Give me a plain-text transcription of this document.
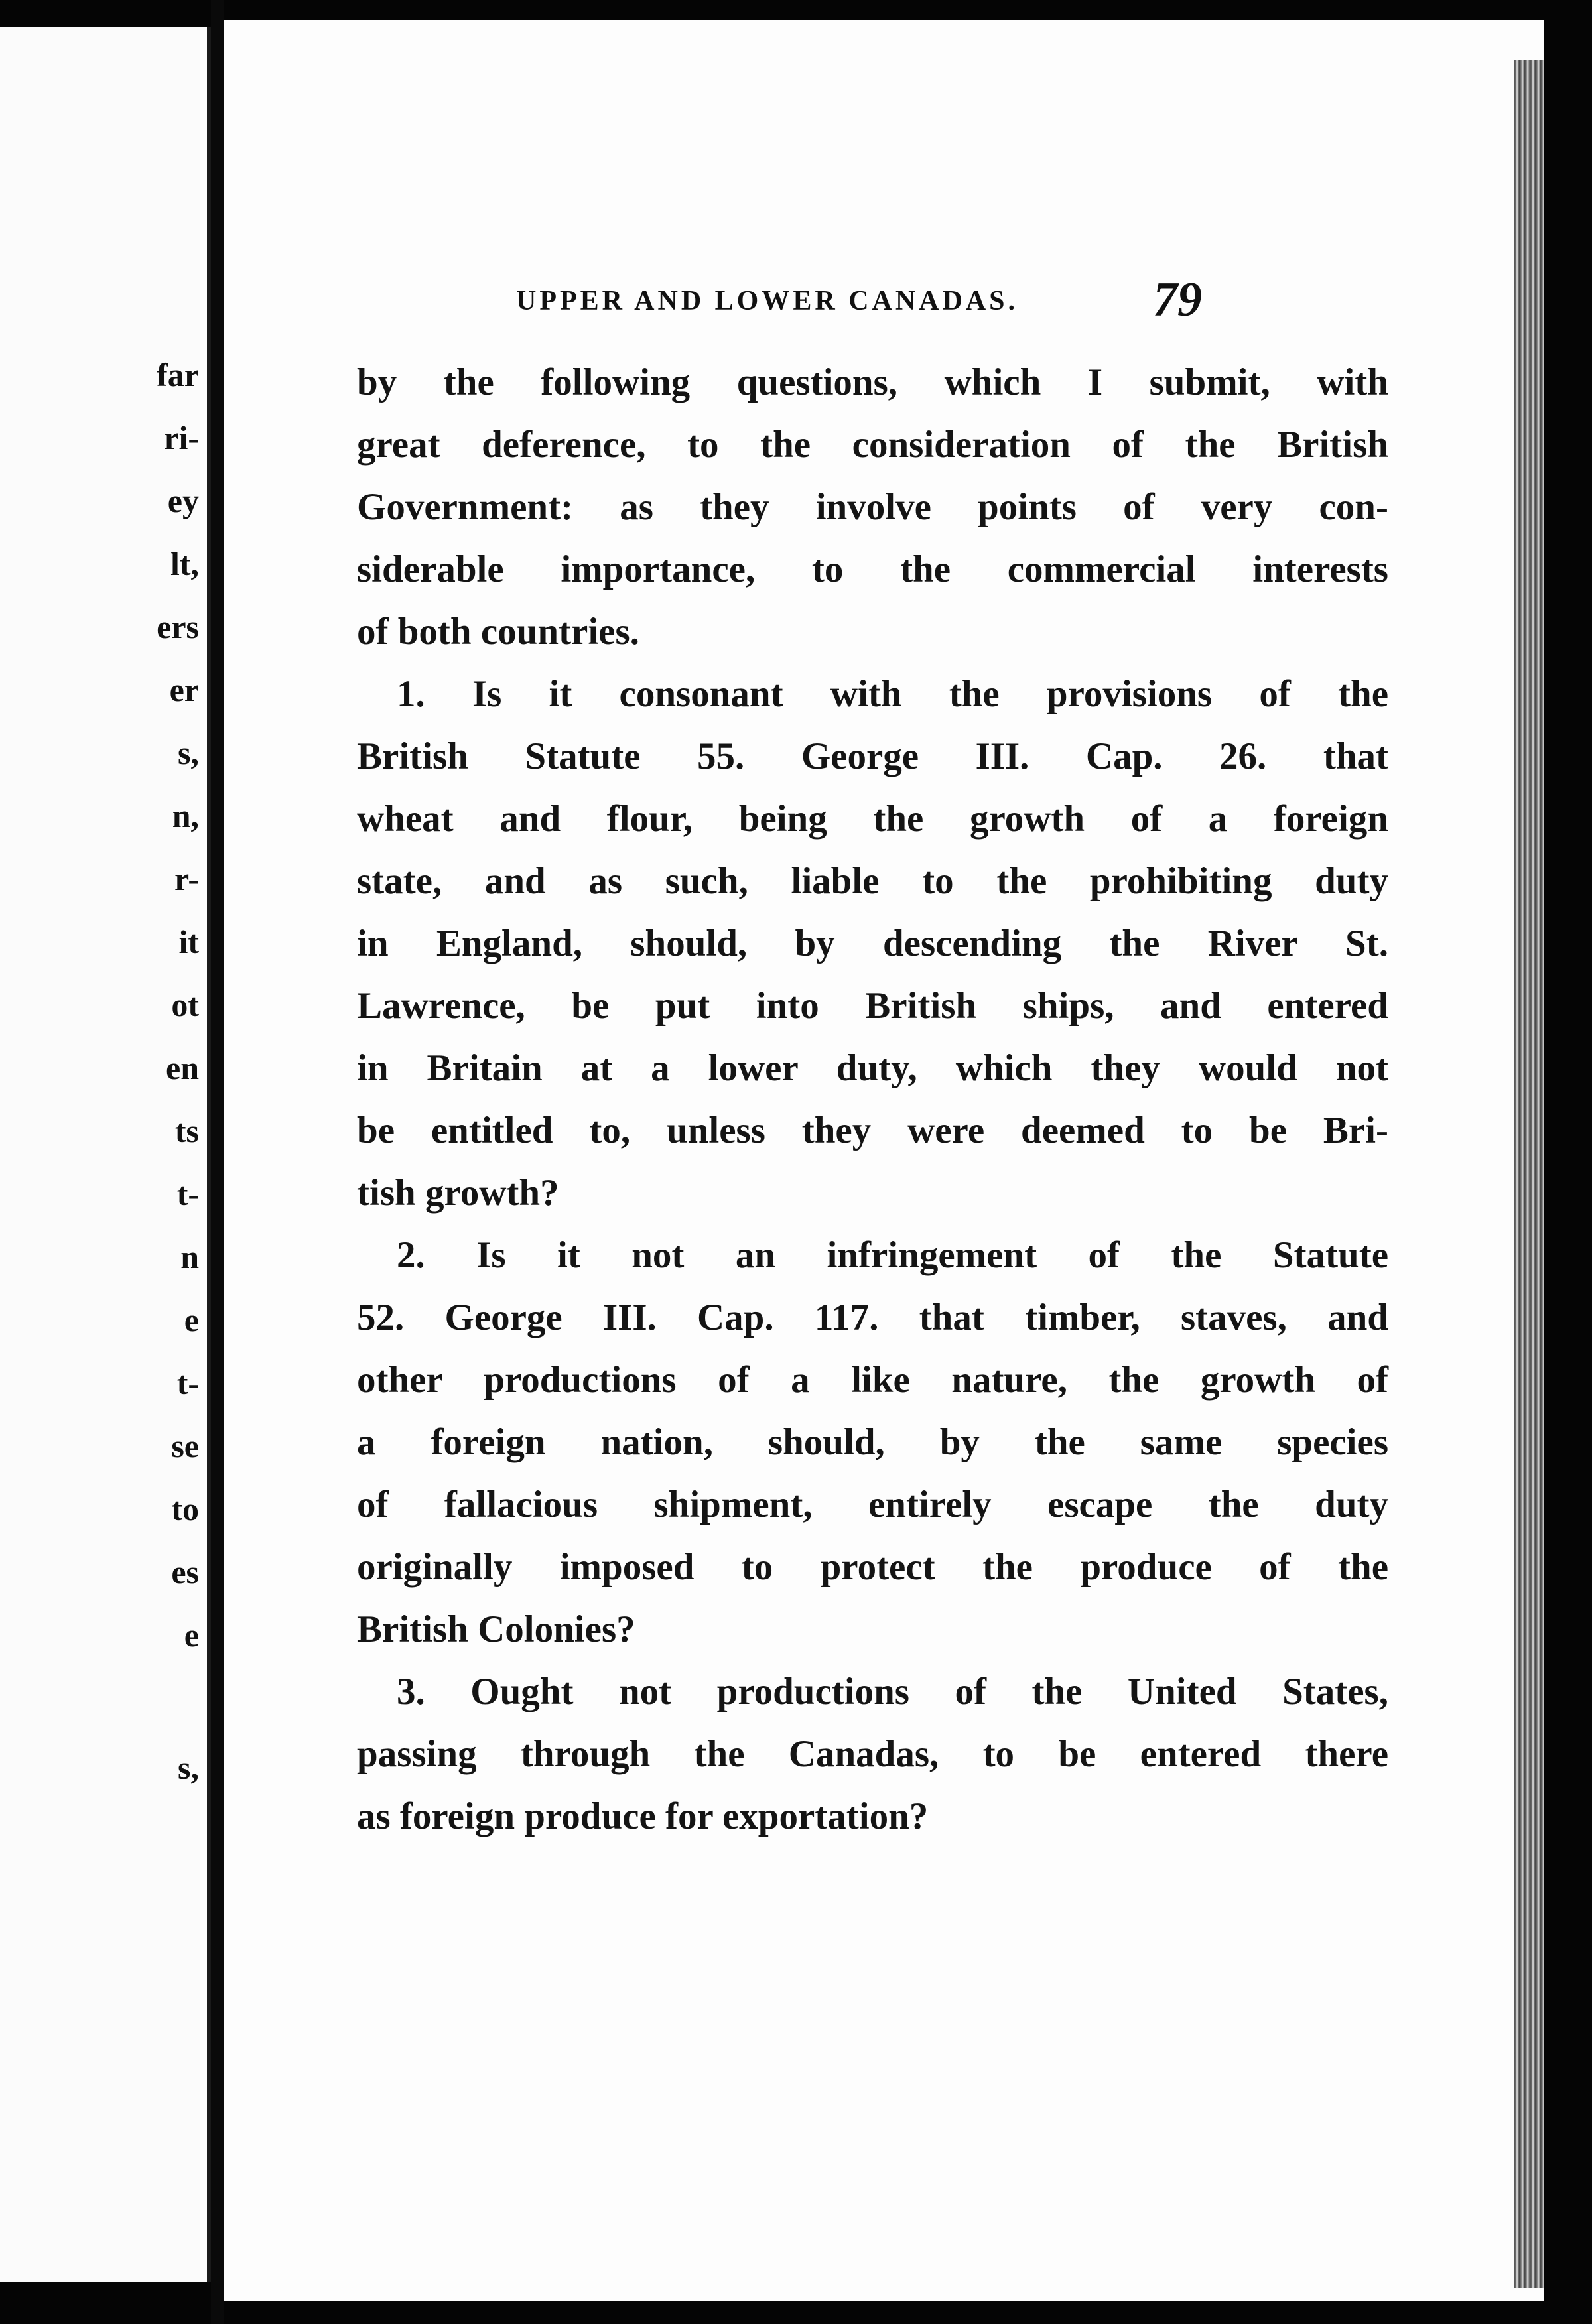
far
ri-
ey
lt,
ers
er
s,
n,
r-
it
ot
en
ts
t-
n
e
t-
se
to
es
e
s,
UPPER AND LOWER CANADAS.	79
by the following questions, which I submit, with
great deference, to the consideration of the British
Government: as they involve points of very con-
siderable importance, to the commercial interests
of both countries.
1. Is it consonant with the provisions of the
British Statute 55. George III. Cap. 26. that
wheat and flour, being the growth of a foreign
state, and as such, liable to the prohibiting duty
in England, should, by descending the River St.
Lawrence, be put into British ships, and entered
in Britain at a lower duty, which they would not
be entitled to, unless they were deemed to be Bri-
tish growth?
2. Is it not an infringement of the Statute
52. George III. Cap. 117. that timber, staves, and
other productions of a like nature, the growth of
a foreign nation, should, by the same species
of fallacious shipment, entirely escape the duty
originally imposed to protect the produce of the
British Colonies?
3. Ought not productions of the United States,
passing through the Canadas, to be entered there
as foreign produce for exportation?
